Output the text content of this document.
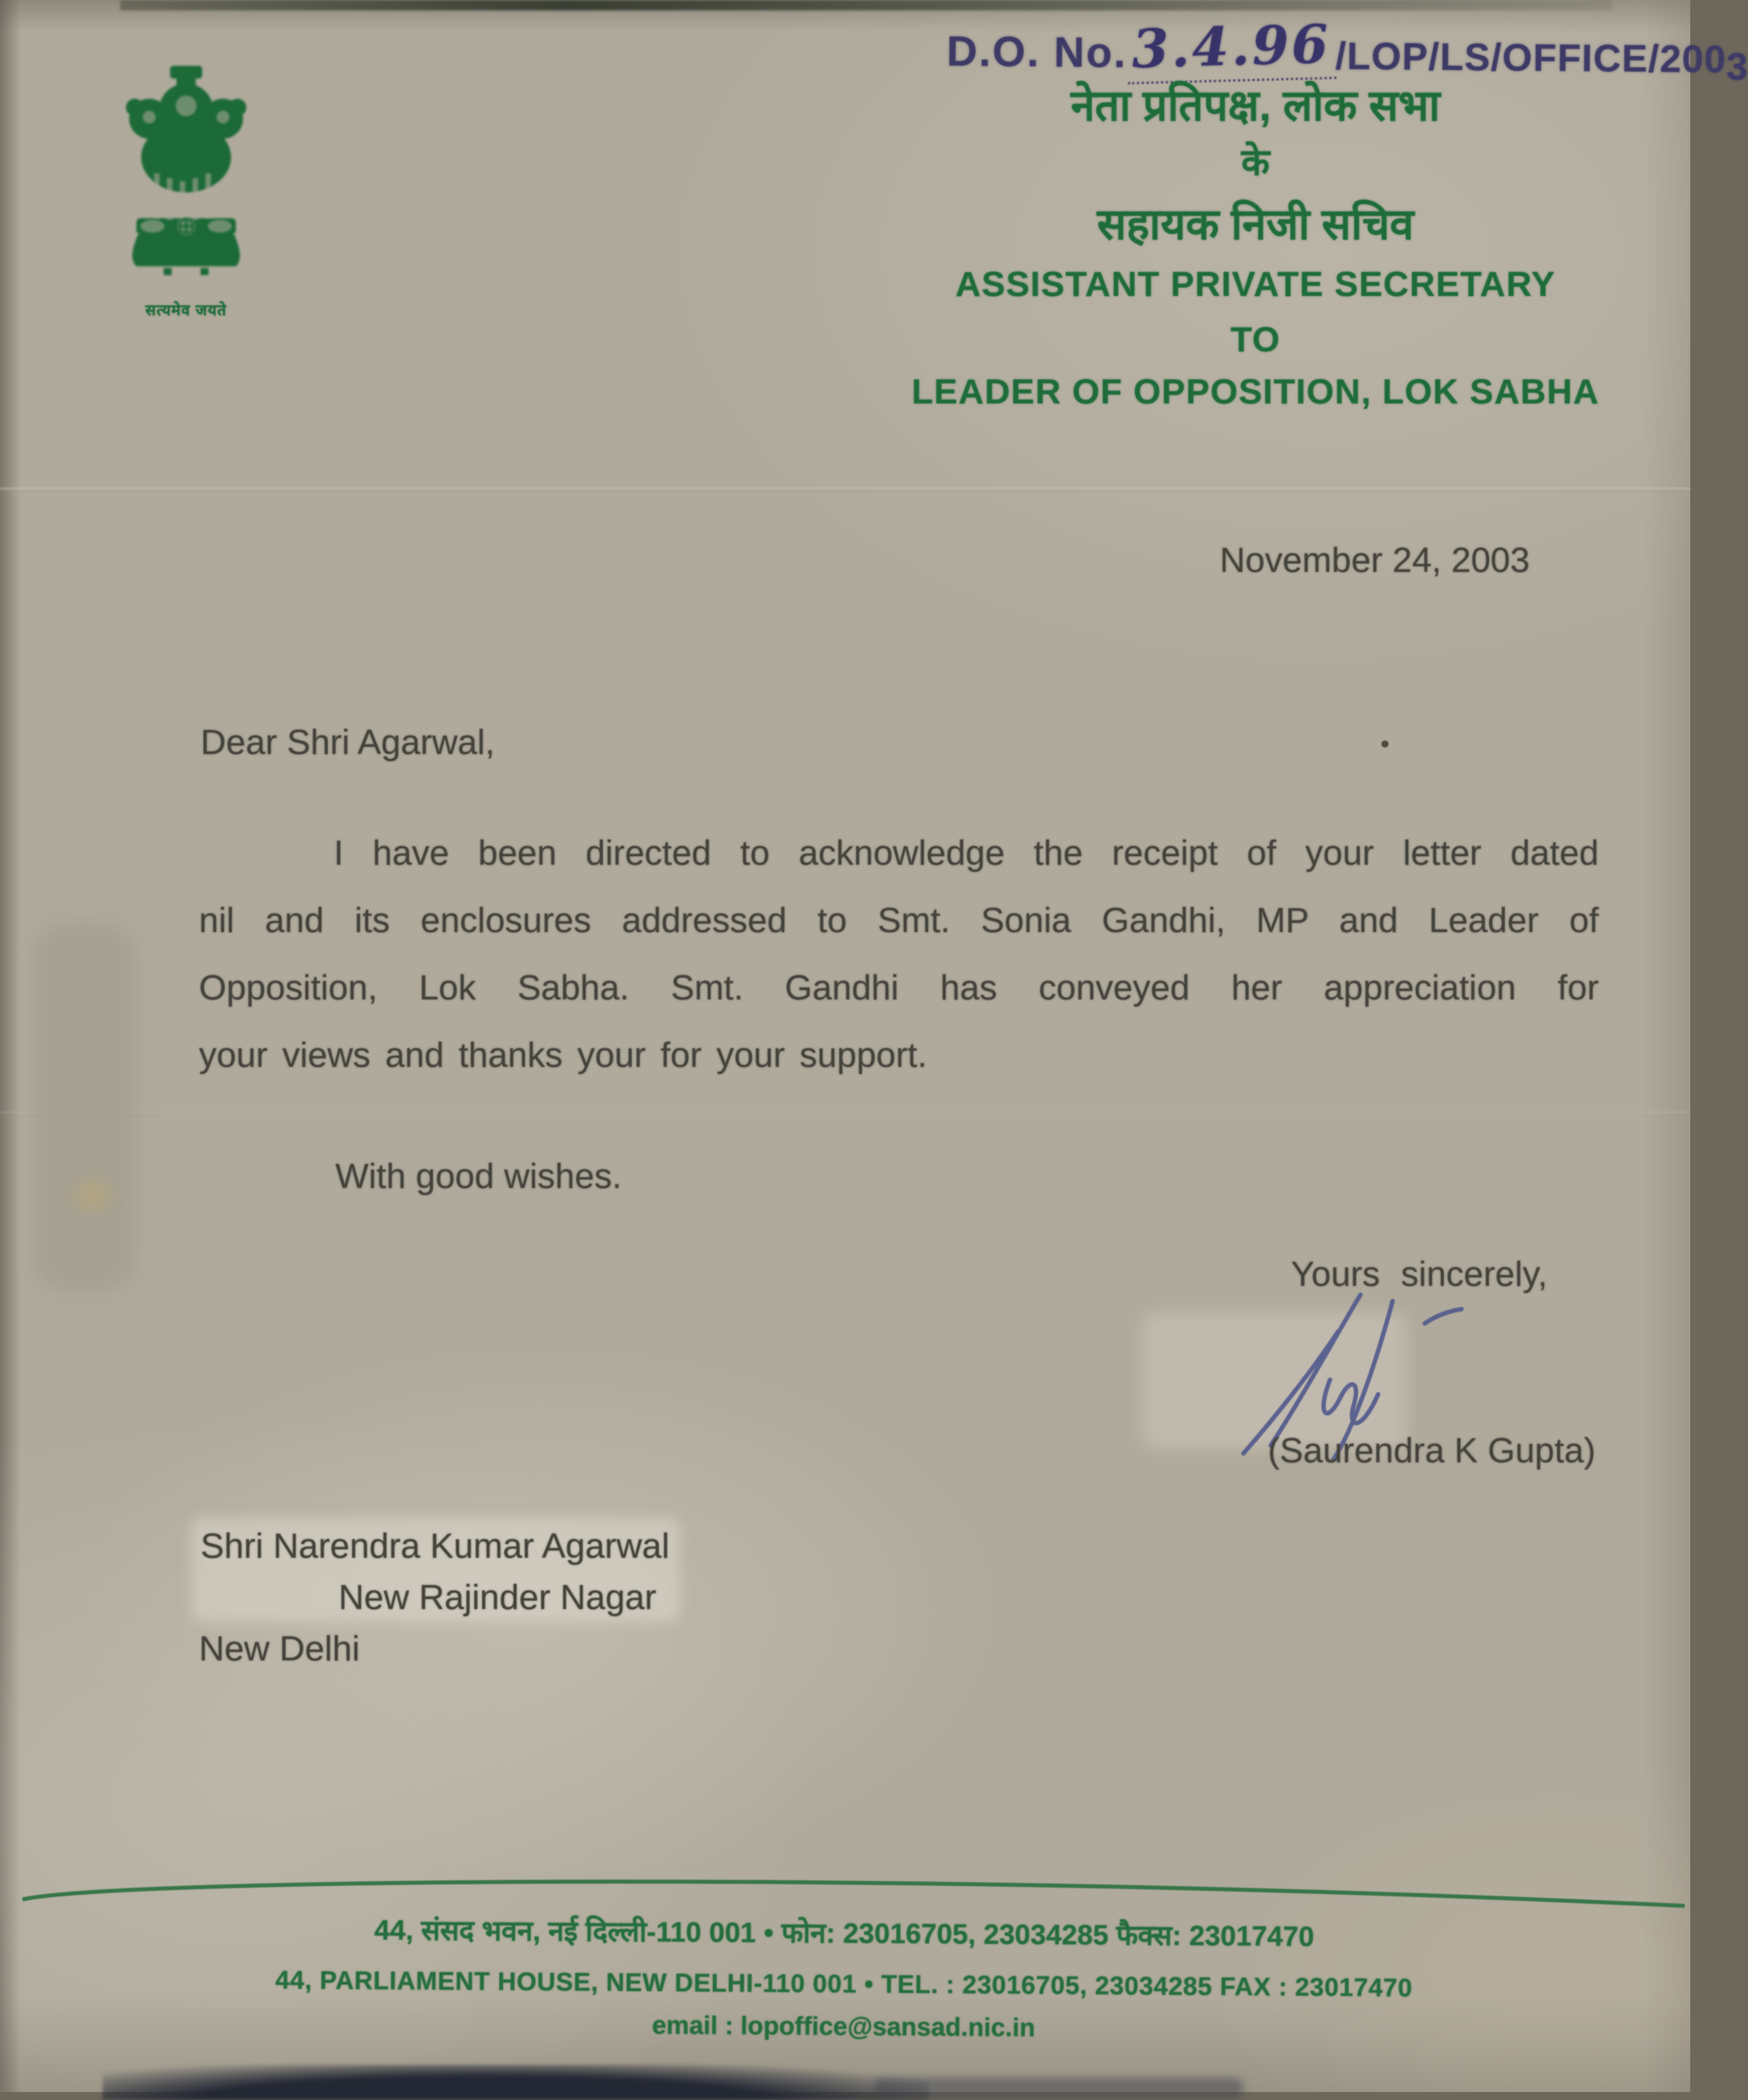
D.O. No.3.4.96/LOP/LS/OFFICE/2003
सत्यमेव जयते
नेता प्रतिपक्ष, लोक सभा
के
सहायक निजी सचिव
ASSISTANT PRIVATE SECRETARY
TO
LEADER OF OPPOSITION, LOK SABHA
November 24, 2003
Dear Shri Agarwal,
I have been directed to acknowledge the receipt of your letter dated
nil and its enclosures addressed to Smt. Sonia Gandhi, MP and Leader of
Opposition, Lok Sabha. Smt. Gandhi has conveyed her appreciation for
your views and thanks your for your support.
With good wishes.
Yours sincerely,
(Saurendra K Gupta)
Shri Narendra Kumar Agarwal
New Rajinder Nagar
New Delhi
44, संसद भवन, नई दिल्ली-110 001 • फोन: 23016705, 23034285 फैक्स: 23017470
44, PARLIAMENT HOUSE, NEW DELHI-110 001 • TEL. : 23016705, 23034285 FAX : 23017470
email : lopoffice@sansad.nic.in
